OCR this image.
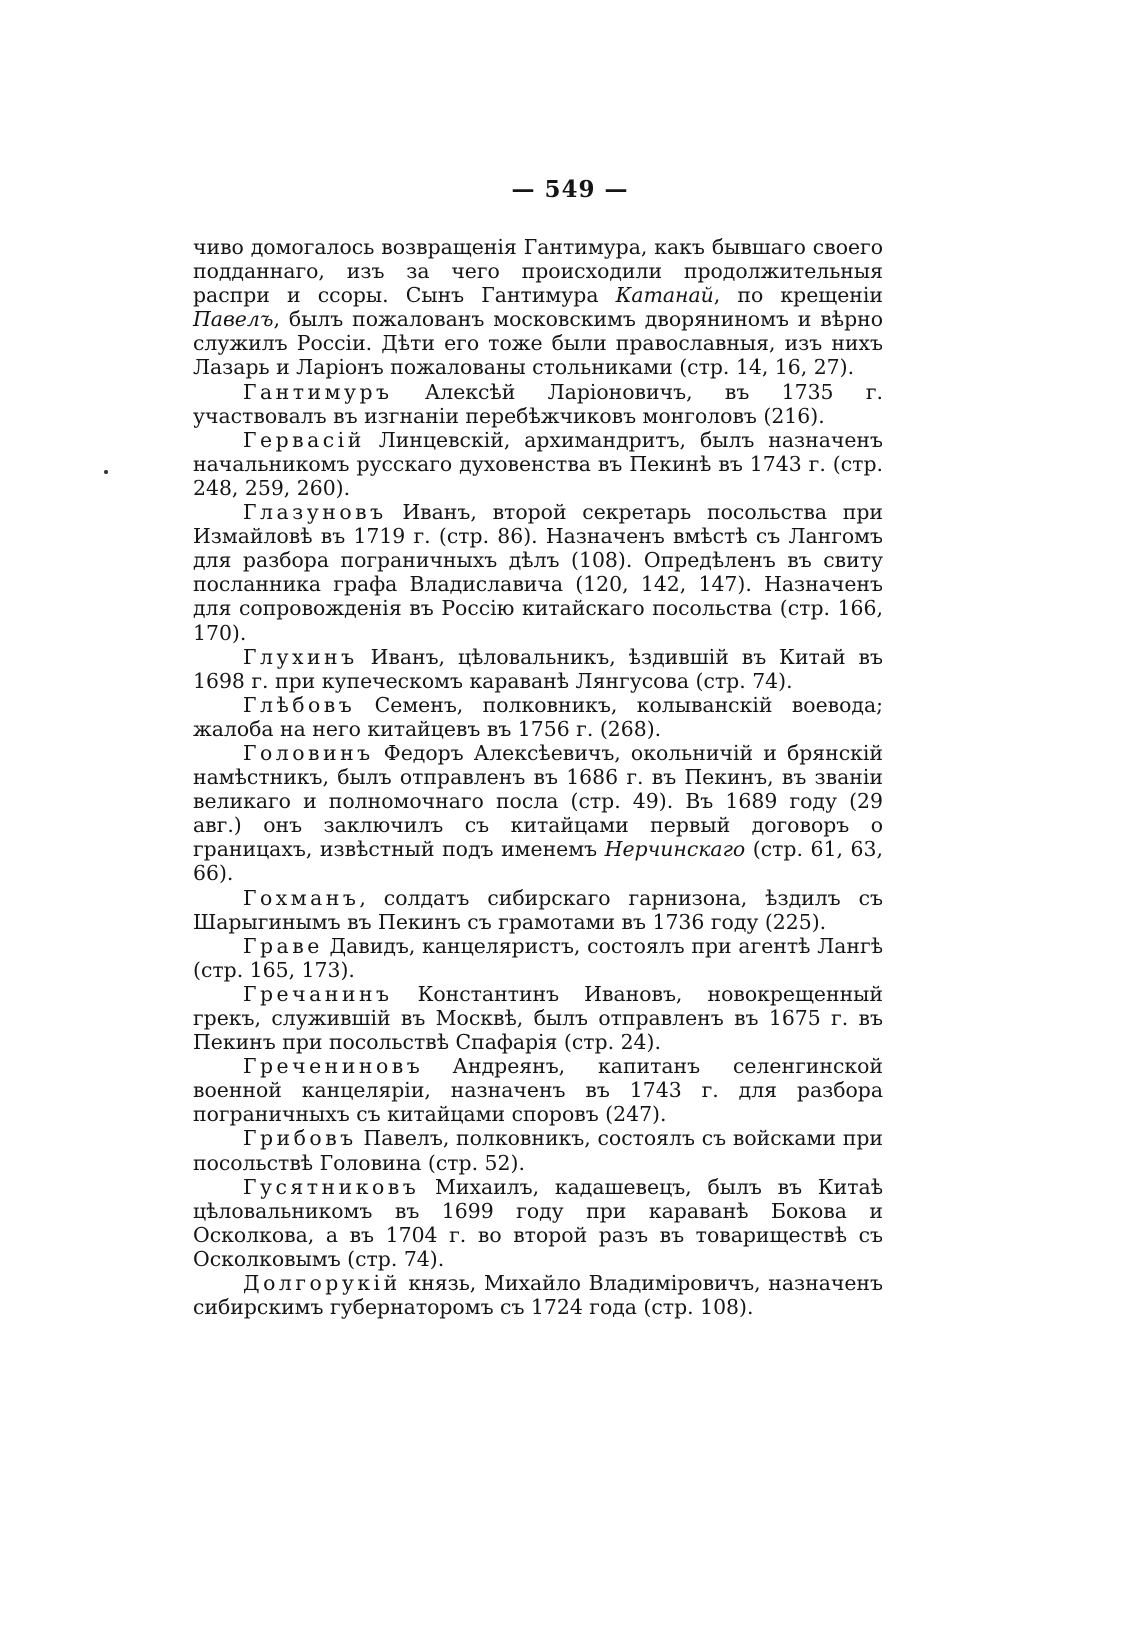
— 549 —

чиво домогалось возвращенія Гантимура, какъ бывшаго своего подданнаго, изъ за чего происходили продолжительныя распри и ссоры. Сынъ Гантимура Катанай, по крещеніи Павелъ, былъ пожалованъ московскимъ дворяниномъ и вѣрно служилъ Россіи. Дѣти его тоже были православныя, изъ нихъ Лазарь и Ларіонъ пожалованы стольниками (стр. 14, 16, 27).

Гантимуръ Алексѣй Ларіоновичъ, въ 1735 г. участвовалъ въ изгнаніи перебѣжчиковъ монголовъ (216).

Гервасій Линцевскій, архимандритъ, былъ назначенъ начальникомъ русскаго духовенства въ Пекинѣ въ 1743 г. (стр. 248, 259, 260).

Глазуновъ Иванъ, второй секретарь посольства при Измайловѣ въ 1719 г. (стр. 86). Назначенъ вмѣстѣ съ Лангомъ для разбора пограничныхъ дѣлъ (108). Опредѣленъ въ свиту посланника графа Владиславича (120, 142, 147). Назначенъ для сопровожденія въ Россію китайскаго посольства (стр. 166, 170).

Глухинъ Иванъ, цѣловальникъ, ѣздившій въ Китай въ 1698 г. при купеческомъ караванѣ Лянгусова (стр. 74).

Глѣбовъ Семенъ, полковникъ, колыванскій воевода; жалоба на него китайцевъ въ 1756 г. (268).

Головинъ Федоръ Алексѣевичъ, окольничій и брянскій намѣстникъ, былъ отправленъ въ 1686 г. въ Пекинъ, въ званіи великаго и полномочнаго посла (стр. 49). Въ 1689 году (29 авг.) онъ заключилъ съ китайцами первый договоръ о границахъ, извѣстный подъ именемъ Нерчинскаго (стр. 61, 63, 66).

Гохманъ, солдатъ сибирскаго гарнизона, ѣздилъ съ Шарыгинымъ въ Пекинъ съ грамотами въ 1736 году (225).

Граве Давидъ, канцеляристъ, состоялъ при агентѣ Лангѣ (стр. 165, 173).

Гречанинъ Константинъ Ивановъ, новокрещенный грекъ, служившій въ Москвѣ, былъ отправленъ въ 1675 г. въ Пекинъ при посольствѣ Спафарія (стр. 24).

Гречениновъ Андреянъ, капитанъ селенгинской военной канцеляріи, назначенъ въ 1743 г. для разбора пограничныхъ съ китайцами споровъ (247).

Грибовъ Павелъ, полковникъ, состоялъ съ войсками при посольствѣ Головина (стр. 52).

Гусятниковъ Михаилъ, кадашевецъ, былъ въ Китаѣ цѣловальникомъ въ 1699 году при караванѣ Бокова и Осколкова, а въ 1704 г. во второй разъ въ товариществѣ съ Осколковымъ (стр. 74).

Долгорукій князь, Михайло Владиміровичъ, назначенъ сибирскимъ губернаторомъ съ 1724 года (стр. 108).
